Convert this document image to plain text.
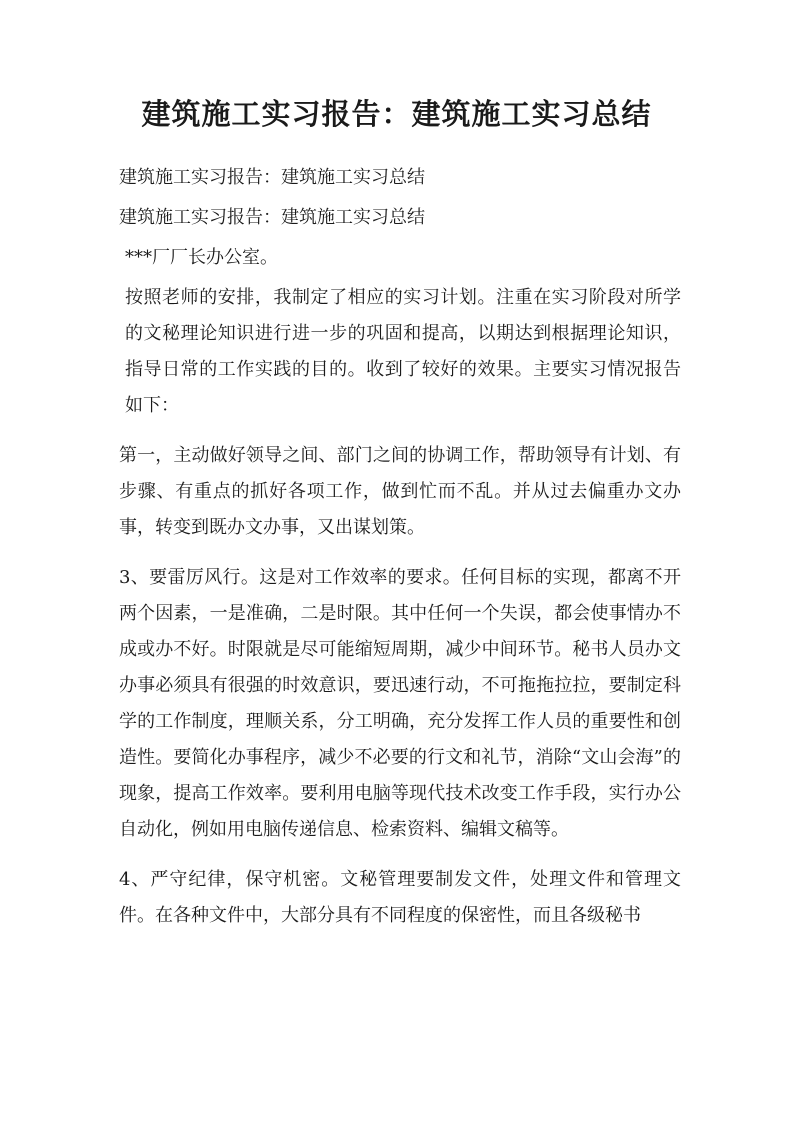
建筑施工实习报告：建筑施工实习总结

建筑施工实习报告：建筑施工实习总结

建筑施工实习报告：建筑施工实习总结

***厂厂长办公室。

按照老师的安排，我制定了相应的实习计划。注重在实习阶段对所学的文秘理论知识进行进一步的巩固和提高，以期达到根据理论知识，指导日常的工作实践的目的。收到了较好的效果。主要实习情况报告如下：

第一，主动做好领导之间、部门之间的协调工作，帮助领导有计划、有步骤、有重点的抓好各项工作，做到忙而不乱。并从过去偏重办文办事，转变到既办文办事，又出谋划策。

3、要雷厉风行。这是对工作效率的要求。任何目标的实现，都离不开两个因素，一是准确，二是时限。其中任何一个失误，都会使事情办不成或办不好。时限就是尽可能缩短周期，减少中间环节。秘书人员办文办事必须具有很强的时效意识，要迅速行动，不可拖拖拉拉，要制定科学的工作制度，理顺关系，分工明确，充分发挥工作人员的重要性和创造性。要简化办事程序，减少不必要的行文和礼节，消除“文山会海”的现象，提高工作效率。要利用电脑等现代技术改变工作手段，实行办公自动化，例如用电脑传递信息、检索资料、编辑文稿等。

4、严守纪律，保守机密。文秘管理要制发文件，处理文件和管理文件。在各种文件中，大部分具有不同程度的保密性，而且各级秘书
